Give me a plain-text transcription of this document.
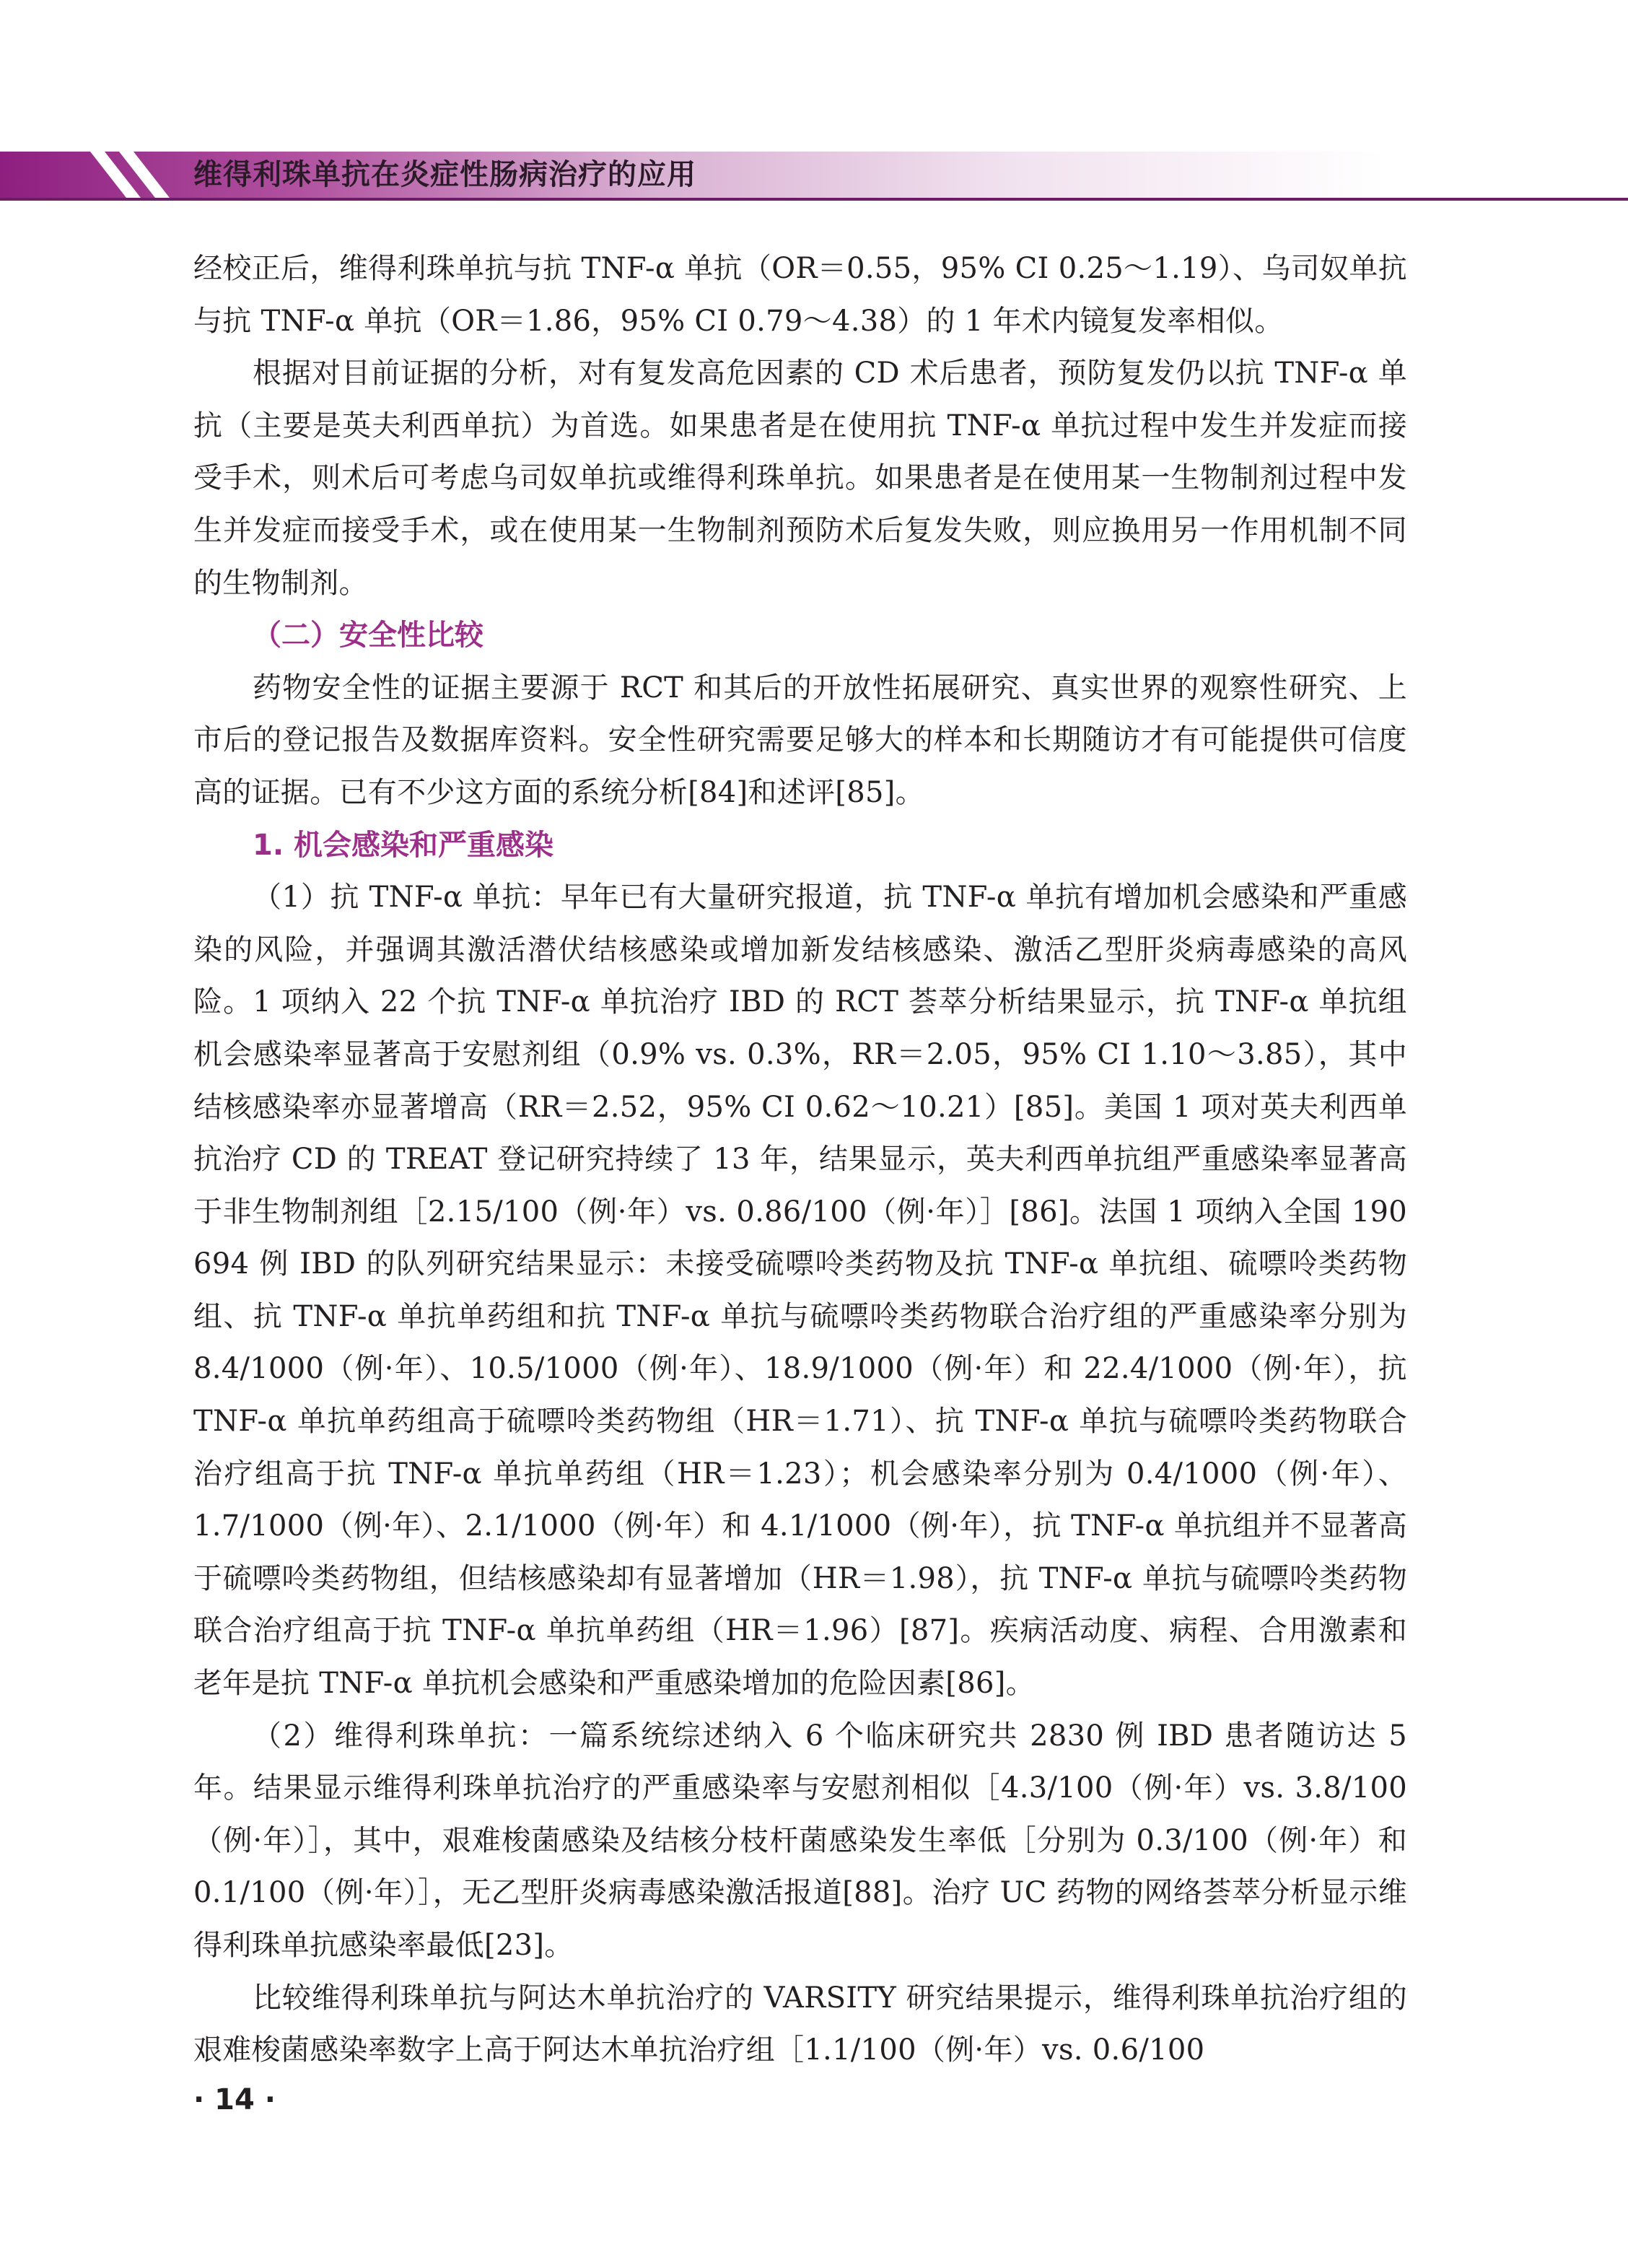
维得利珠单抗在炎症性肠病治疗的应用

经校正后，维得利珠单抗与抗 TNF-α 单抗（OR＝0.55，95% CI 0.25～1.19）、乌司奴单抗与抗 TNF-α 单抗（OR＝1.86，95% CI 0.79～4.38）的 1 年术内镜复发率相似。

根据对目前证据的分析，对有复发高危因素的 CD 术后患者，预防复发仍以抗 TNF-α 单抗（主要是英夫利西单抗）为首选。如果患者是在使用抗 TNF-α 单抗过程中发生并发症而接受手术，则术后可考虑乌司奴单抗或维得利珠单抗。如果患者是在使用某一生物制剂过程中发生并发症而接受手术，或在使用某一生物制剂预防术后复发失败，则应换用另一作用机制不同的生物制剂。

（二）安全性比较

药物安全性的证据主要源于 RCT 和其后的开放性拓展研究、真实世界的观察性研究、上市后的登记报告及数据库资料。安全性研究需要足够大的样本和长期随访才有可能提供可信度高的证据。已有不少这方面的系统分析[84]和述评[85]。

1. 机会感染和严重感染

（1）抗 TNF-α 单抗：早年已有大量研究报道，抗 TNF-α 单抗有增加机会感染和严重感染的风险，并强调其激活潜伏结核感染或增加新发结核感染、激活乙型肝炎病毒感染的高风险。1 项纳入 22 个抗 TNF-α 单抗治疗 IBD 的 RCT 荟萃分析结果显示，抗 TNF-α 单抗组机会感染率显著高于安慰剂组（0.9% vs. 0.3%，RR＝2.05，95% CI 1.10～3.85），其中结核感染率亦显著增高（RR＝2.52，95% CI 0.62～10.21）[85]。美国 1 项对英夫利西单抗治疗 CD 的 TREAT 登记研究持续了 13 年，结果显示，英夫利西单抗组严重感染率显著高于非生物制剂组［2.15/100（例·年）vs. 0.86/100（例·年）］[86]。法国 1 项纳入全国 190 694 例 IBD 的队列研究结果显示：未接受硫嘌呤类药物及抗 TNF-α 单抗组、硫嘌呤类药物组、抗 TNF-α 单抗单药组和抗 TNF-α 单抗与硫嘌呤类药物联合治疗组的严重感染率分别为 8.4/1000（例·年）、10.5/1000（例·年）、18.9/1000（例·年）和 22.4/1000（例·年），抗 TNF-α 单抗单药组高于硫嘌呤类药物组（HR＝1.71）、抗 TNF-α 单抗与硫嘌呤类药物联合治疗组高于抗 TNF-α 单抗单药组（HR＝1.23）；机会感染率分别为 0.4/1000（例·年）、1.7/1000（例·年）、2.1/1000（例·年）和 4.1/1000（例·年），抗 TNF-α 单抗组并不显著高于硫嘌呤类药物组，但结核感染却有显著增加（HR＝1.98），抗 TNF-α 单抗与硫嘌呤类药物联合治疗组高于抗 TNF-α 单抗单药组（HR＝1.96）[87]。疾病活动度、病程、合用激素和老年是抗 TNF-α 单抗机会感染和严重感染增加的危险因素[86]。

（2）维得利珠单抗：一篇系统综述纳入 6 个临床研究共 2830 例 IBD 患者随访达 5 年。结果显示维得利珠单抗治疗的严重感染率与安慰剂相似［4.3/100（例·年）vs. 3.8/100（例·年）］，其中，艰难梭菌感染及结核分枝杆菌感染发生率低［分别为 0.3/100（例·年）和 0.1/100（例·年）］，无乙型肝炎病毒感染激活报道[88]。治疗 UC 药物的网络荟萃分析显示维得利珠单抗感染率最低[23]。

比较维得利珠单抗与阿达木单抗治疗的 VARSITY 研究结果提示，维得利珠单抗治疗组的艰难梭菌感染率数字上高于阿达木单抗治疗组［1.1/100（例·年）vs. 0.6/100

· 14 ·
